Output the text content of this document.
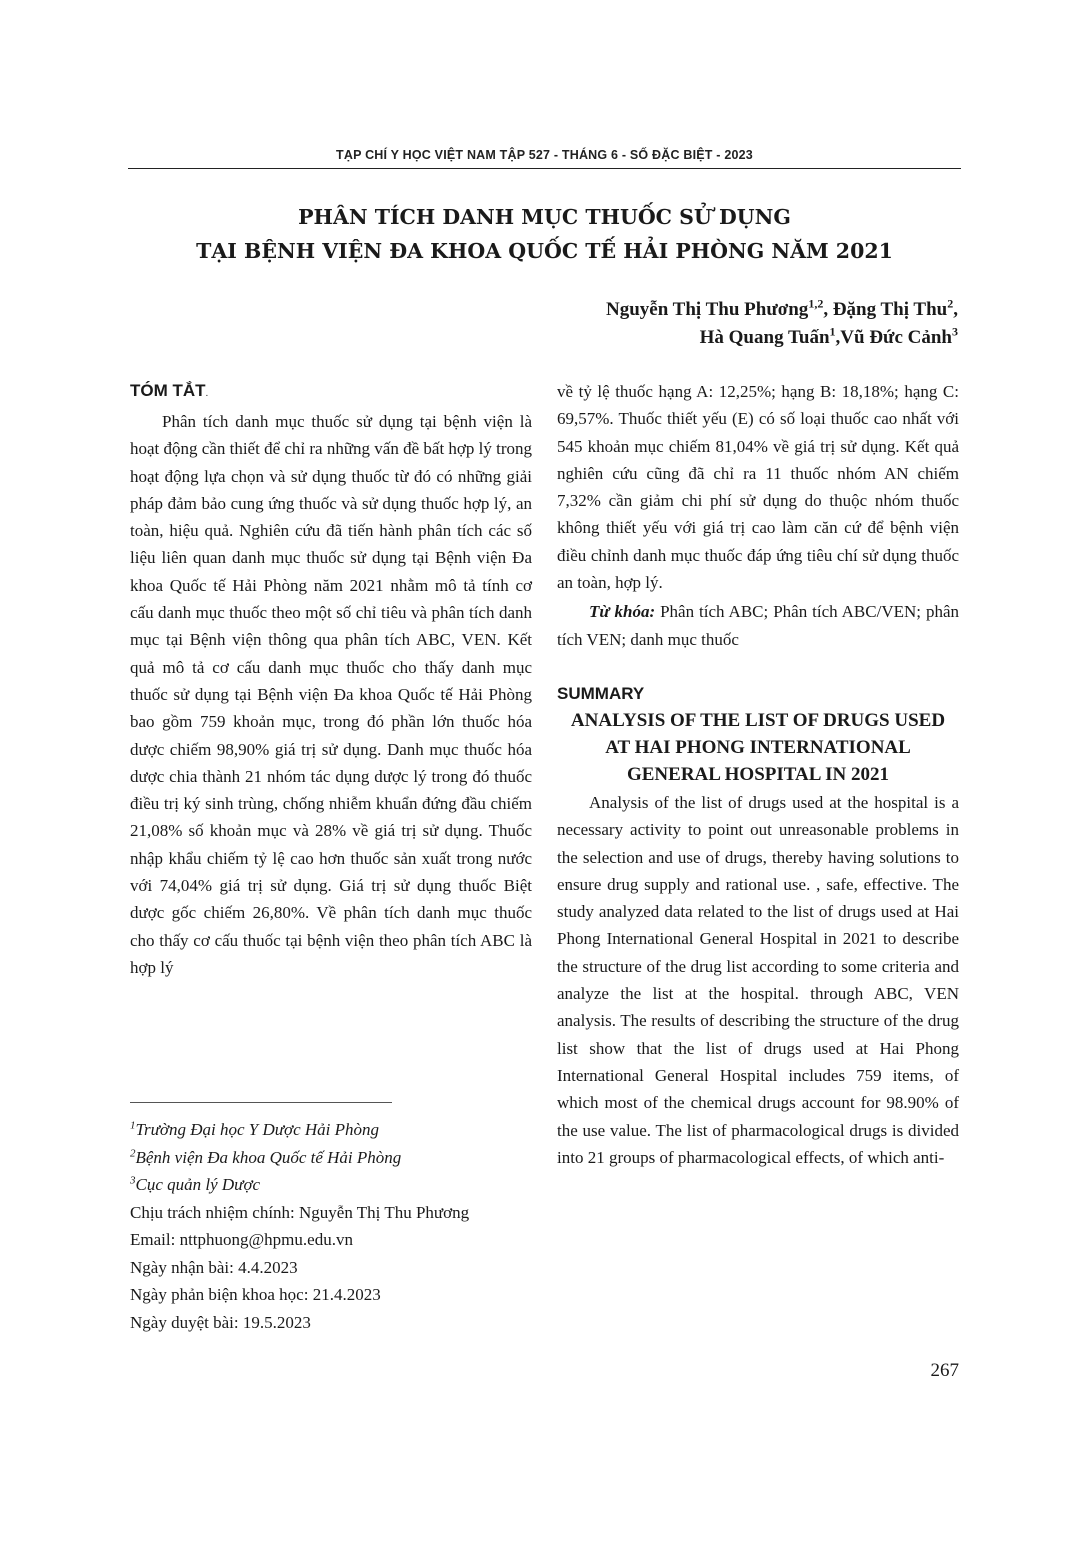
TẠP CHÍ Y HỌC VIỆT NAM TẬP 527 - THÁNG 6 - SỐ ĐẶC BIỆT - 2023
PHÂN TÍCH DANH MỤC THUỐC SỬ DỤNG
TẠI BỆNH VIỆN ĐA KHOA QUỐC TẾ HẢI PHÒNG NĂM 2021
Nguyễn Thị Thu Phương$^{1,2}$, Đặng Thị Thu$^2$,
Hà Quang Tuấn$^1$,Vũ Đức Cảnh$^3$

TÓM TẮT.

Phân tích danh mục thuốc sử dụng tại bệnh viện là hoạt động cần thiết để chỉ ra những vấn đề bất hợp lý trong hoạt động lựa chọn và sử dụng thuốc từ đó có những giải pháp đảm bảo cung ứng thuốc và sử dụng thuốc hợp lý, an toàn, hiệu quả. Nghiên cứu đã tiến hành phân tích các số liệu liên quan danh mục thuốc sử dụng tại Bệnh viện Đa khoa Quốc tế Hải Phòng năm 2021 nhằm mô tả tính cơ cấu danh mục thuốc theo một số chỉ tiêu và phân tích danh mục tại Bệnh viện thông qua phân tích ABC, VEN. Kết quả mô tả cơ cấu danh mục thuốc cho thấy danh mục thuốc sử dụng tại Bệnh viện Đa khoa Quốc tế Hải Phòng bao gồm 759 khoản mục, trong đó phần lớn thuốc hóa dược chiếm 98,90% giá trị sử dụng. Danh mục thuốc hóa dược chia thành 21 nhóm tác dụng dược lý trong đó thuốc điều trị ký sinh trùng, chống nhiễm khuẩn đứng đầu chiếm 21,08% số khoản mục và 28% về giá trị sử dụng. Thuốc nhập khẩu chiếm tỷ lệ cao hơn thuốc sản xuất trong nước với 74,04% giá trị sử dụng. Giá trị sử dụng thuốc Biệt dược gốc chiếm 26,80%. Về phân tích danh mục thuốc cho thấy cơ cấu thuốc tại bệnh viện theo phân tích ABC là hợp lý

về tỷ lệ thuốc hạng A: 12,25%; hạng B: 18,18%; hạng C: 69,57%. Thuốc thiết yếu (E) có số loại thuốc cao nhất với 545 khoản mục chiếm 81,04% về giá trị sử dụng. Kết quả nghiên cứu cũng đã chỉ ra 11 thuốc nhóm AN chiếm 7,32% cần giảm chi phí sử dụng do thuộc nhóm thuốc không thiết yếu với giá trị cao làm căn cứ để bệnh viện điều chỉnh danh mục thuốc đáp ứng tiêu chí sử dụng thuốc an toàn, hợp lý.

Từ khóa: Phân tích ABC; Phân tích ABC/VEN; phân tích VEN; danh mục thuốc

SUMMARY

ANALYSIS OF THE LIST OF DRUGS USED AT HAI PHONG INTERNATIONAL GENERAL HOSPITAL IN 2021

Analysis of the list of drugs used at the hospital is a necessary activity to point out unreasonable problems in the selection and use of drugs, thereby having solutions to ensure drug supply and rational use. , safe, effective. The study analyzed data related to the list of drugs used at Hai Phong International General Hospital in 2021 to describe the structure of the drug list according to some criteria and analyze the list at the hospital. through ABC, VEN analysis. The results of describing the structure of the drug list show that the list of drugs used at Hai Phong International General Hospital includes 759 items, of which most of the chemical drugs account for 98.90% of the use value. The list of pharmacological drugs is divided into 21 groups of pharmacological effects, of which anti-

$^1$Trường Đại học Y Dược Hải Phòng

$^2$Bệnh viện Đa khoa Quốc tế Hải Phòng

$^3$Cục quản lý Dược

Chịu trách nhiệm chính: Nguyễn Thị Thu Phương

Email: nttphuong@hpmu.edu.vn

Ngày nhận bài: 4.4.2023

Ngày phản biện khoa học: 21.4.2023

Ngày duyệt bài: 19.5.2023

267
